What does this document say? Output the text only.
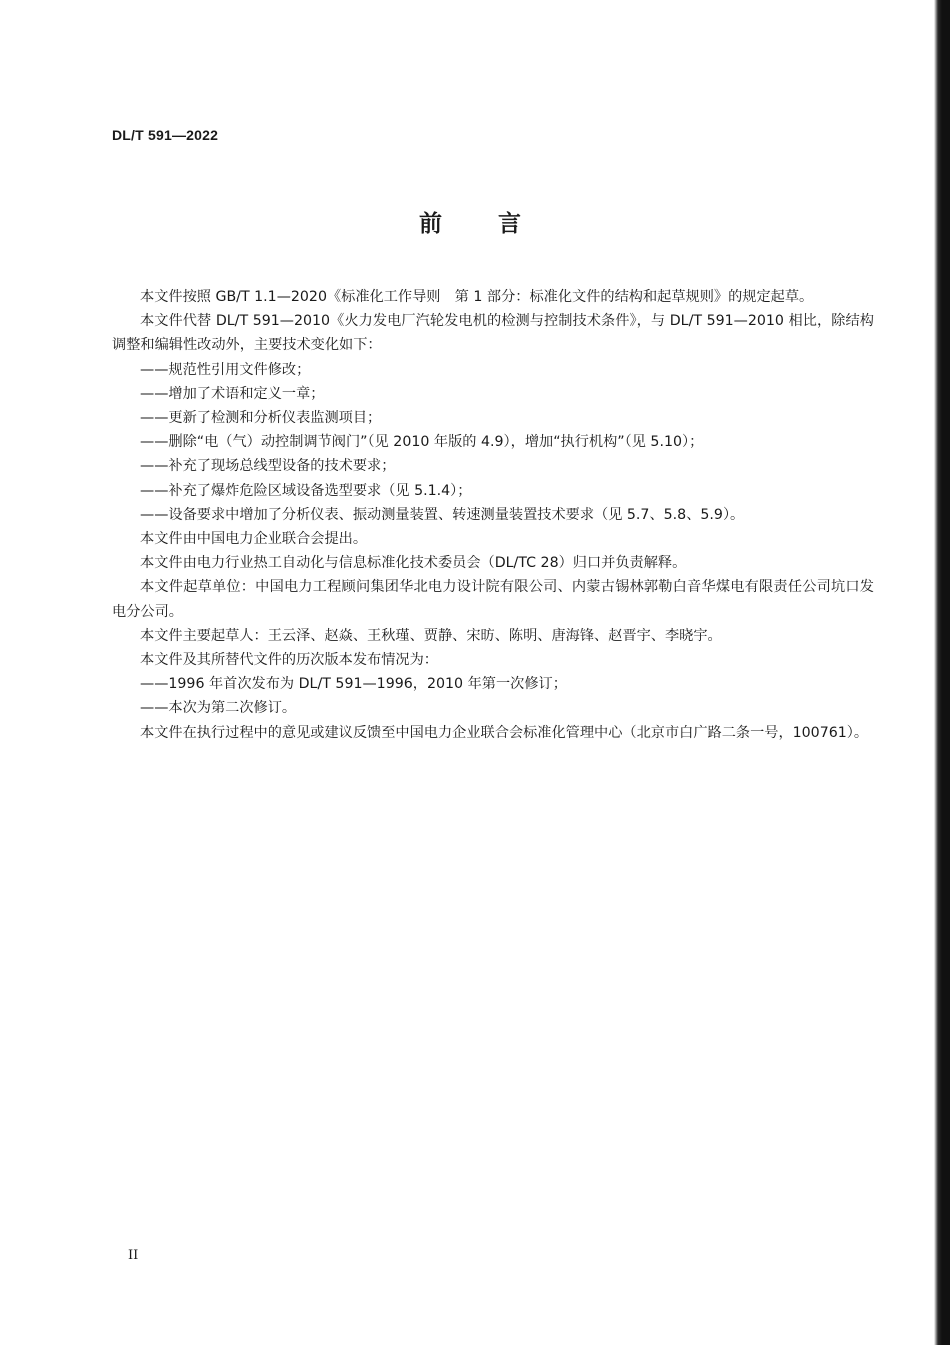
DL/T 591—2022
前言

本文件按照 GB/T 1.1—2020《标准化工作导则　第 1 部分：标准化文件的结构和起草规则》的规定起草。

本文件代替 DL/T 591—2010《火力发电厂汽轮发电机的检测与控制技术条件》，与 DL/T 591—2010 相比，除结构调整和编辑性改动外，主要技术变化如下：

——规范性引用文件修改；

——增加了术语和定义一章；

——更新了检测和分析仪表监测项目；

——删除“电（气）动控制调节阀门”（见 2010 年版的 4.9），增加“执行机构”（见 5.10）；

——补充了现场总线型设备的技术要求；

——补充了爆炸危险区域设备选型要求（见 5.1.4）；

——设备要求中增加了分析仪表、振动测量装置、转速测量装置技术要求（见 5.7、5.8、5.9）。

本文件由中国电力企业联合会提出。

本文件由电力行业热工自动化与信息标准化技术委员会（DL/TC 28）归口并负责解释。

本文件起草单位：中国电力工程顾问集团华北电力设计院有限公司、内蒙古锡林郭勒白音华煤电有限责任公司坑口发电分公司。

本文件主要起草人：王云泽、赵焱、王秋瑾、贾静、宋昉、陈明、唐海锋、赵晋宇、李晓宇。

本文件及其所替代文件的历次版本发布情况为：

——1996 年首次发布为 DL/T 591—1996，2010 年第一次修订；

——本次为第二次修订。

本文件在执行过程中的意见或建议反馈至中国电力企业联合会标准化管理中心（北京市白广路二条一号，100761）。

II
